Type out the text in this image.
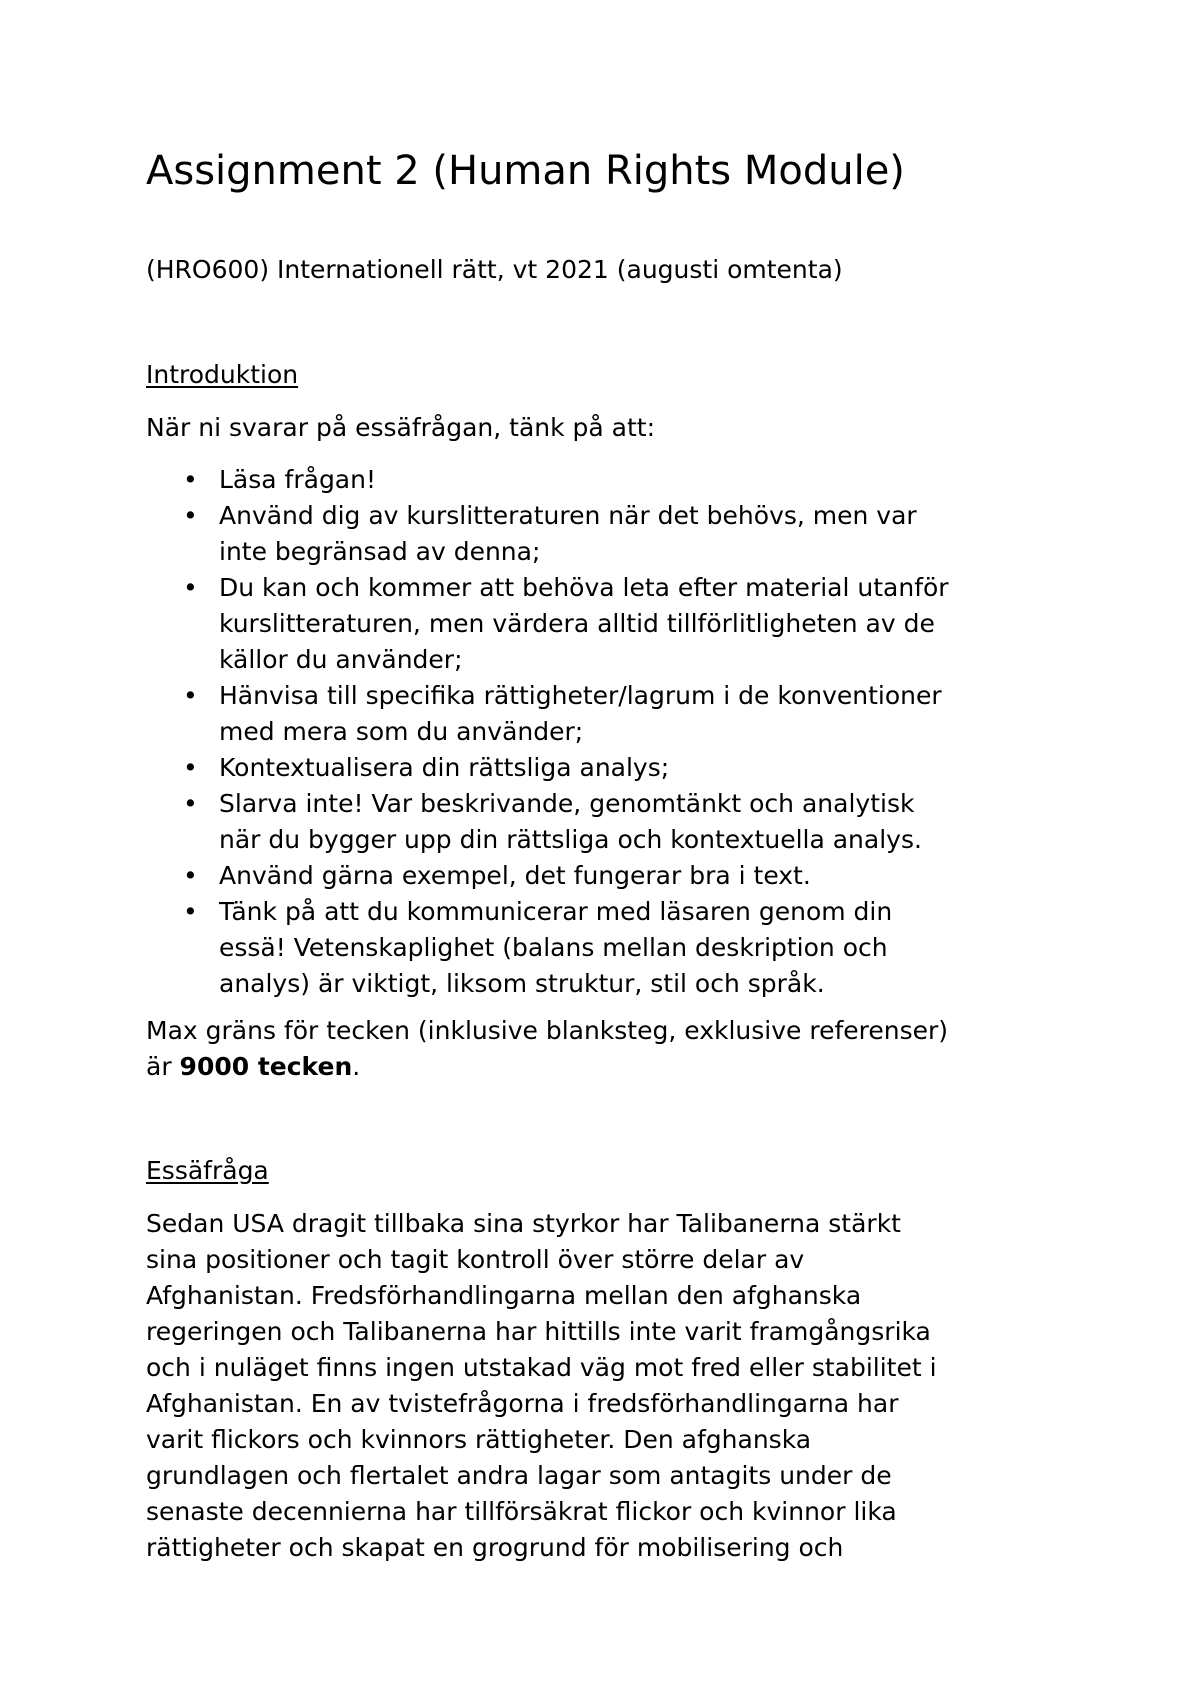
Assignment 2 (Human Rights Module)

(HRO600) Internationell rätt, vt 2021 (augusti omtenta)

Introduktion

När ni svarar på essäfrågan, tänk på att:

• Läsa frågan!
• Använd dig av kurslitteraturen när det behövs, men var
inte begränsad av denna;
• Du kan och kommer att behöva leta efter material utanför
kurslitteraturen, men värdera alltid tillförlitligheten av de
källor du använder;
• Hänvisa till specifika rättigheter/lagrum i de konventioner
med mera som du använder;
• Kontextualisera din rättsliga analys;
• Slarva inte! Var beskrivande, genomtänkt och analytisk
när du bygger upp din rättsliga och kontextuella analys.
• Använd gärna exempel, det fungerar bra i text.
• Tänk på att du kommunicerar med läsaren genom din
essä! Vetenskaplighet (balans mellan deskription och
analys) är viktigt, liksom struktur, stil och språk.

Max gräns för tecken (inklusive blanksteg, exklusive referenser)
är 9000 tecken.

Essäfråga

Sedan USA dragit tillbaka sina styrkor har Talibanerna stärkt
sina positioner och tagit kontroll över större delar av
Afghanistan. Fredsförhandlingarna mellan den afghanska
regeringen och Talibanerna har hittills inte varit framgångsrika
och i nuläget finns ingen utstakad väg mot fred eller stabilitet i
Afghanistan. En av tvistefrågorna i fredsförhandlingarna har
varit flickors och kvinnors rättigheter. Den afghanska
grundlagen och flertalet andra lagar som antagits under de
senaste decennierna har tillförsäkrat flickor och kvinnor lika
rättigheter och skapat en grogrund för mobilisering och
